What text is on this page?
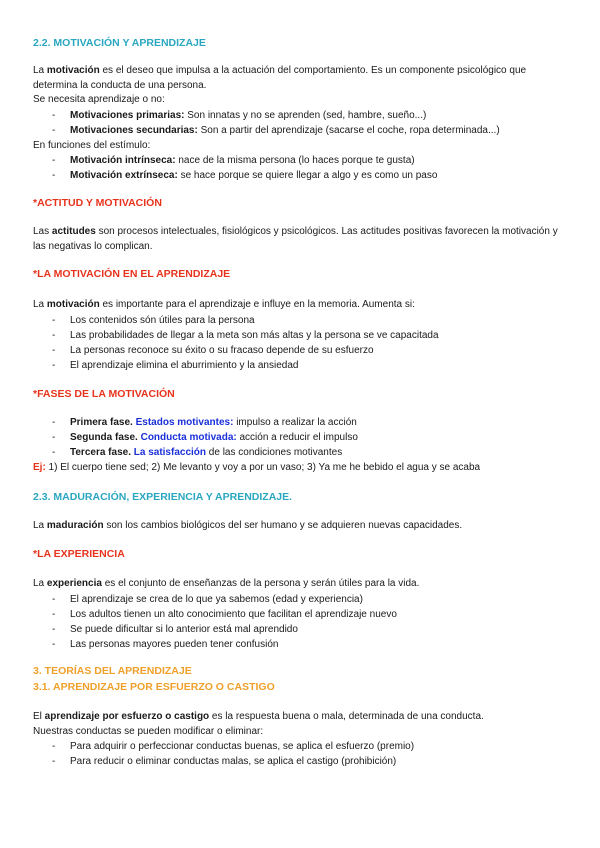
2.2. MOTIVACIÓN Y APRENDIZAJE
La motivación es el deseo que impulsa a la actuación del comportamiento. Es un componente psicológico que determina la conducta de una persona.
Se necesita aprendizaje o no:
- Motivaciones primarias: Son innatas y no se aprenden (sed, hambre, sueño...)
- Motivaciones secundarias: Son a partir del aprendizaje (sacarse el coche, ropa determinada...)
En funciones del estímulo:
- Motivación intrínseca: nace de la misma persona (lo haces porque te gusta)
- Motivación extrínseca: se hace porque se quiere llegar a algo y es como un paso
*ACTITUD Y MOTIVACIÓN
Las actitudes son procesos intelectuales, fisiológicos y psicológicos. Las actitudes positivas favorecen la motivación y las negativas lo complican.
*LA MOTIVACIÓN EN EL APRENDIZAJE
La motivación es importante para el aprendizaje e influye en la memoria. Aumenta si:
- Los contenidos són útiles para la persona
- Las probabilidades de llegar a la meta son más altas y la persona se ve capacitada
- La personas reconoce su éxito o su fracaso depende de su esfuerzo
- El aprendizaje elimina el aburrimiento y la ansiedad
*FASES DE LA MOTIVACIÓN
- Primera fase. Estados motivantes: impulso a realizar la acción
- Segunda fase. Conducta motivada: acción a reducir el impulso
- Tercera fase. La satisfacción de las condiciones motivantes
Ej: 1) El cuerpo tiene sed; 2) Me levanto y voy a por un vaso; 3) Ya me he bebido el agua y se acaba
2.3. MADURACIÓN, EXPERIENCIA Y APRENDIZAJE.
La maduración son los cambios biológicos del ser humano y se adquieren nuevas capacidades.
*LA EXPERIENCIA
La experiencia es el conjunto de enseñanzas de la persona y serán útiles para la vida.
- El aprendizaje se crea de lo que ya sabemos (edad y experiencia)
- Los adultos tienen un alto conocimiento que facilitan el aprendizaje nuevo
- Se puede dificultar si lo anterior está mal aprendido
- Las personas mayores pueden tener confusión
3. TEORÍAS DEL APRENDIZAJE
3.1. APRENDIZAJE POR ESFUERZO O CASTIGO
El aprendizaje por esfuerzo o castigo es la respuesta buena o mala, determinada de una conducta.
Nuestras conductas se pueden modificar o eliminar:
- Para adquirir o perfeccionar conductas buenas, se aplica el esfuerzo (premio)
- Para reducir o eliminar conductas malas, se aplica el castigo (prohibición)
